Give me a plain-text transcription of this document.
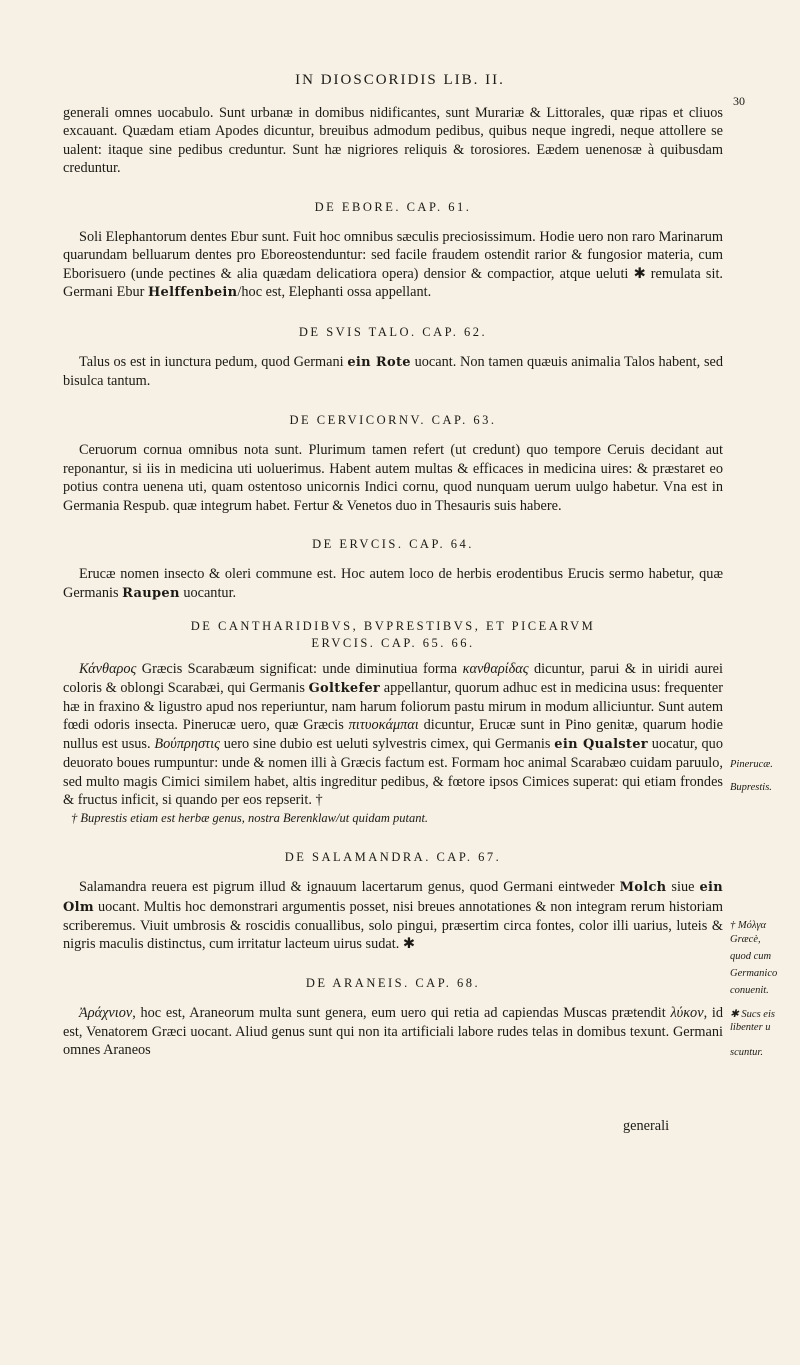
IN DIOSCORIDIS LIB. II.
30

generali omnes uocabulo. Sunt urbanæ in domibus nidificantes, sunt Murariæ & Littorales, quæ ripas et cliuos excauant. Quædam etiam Apodes dicuntur, breuibus admodum pedibus, quibus neque ingredi, neque attollere se ualent: itaque sine pedibus creduntur. Sunt hæ nigriores reliquis & torosiores. Eædem uenenosæ à quibusdam creduntur.

DE EBORE. CAP. 61.

Soli Elephantorum dentes Ebur sunt. Fuit hoc omnibus sæculis preciosissimum. Hodie uero non raro Marinarum quarundam belluarum dentes pro Eboreostenduntur: sed facile fraudem ostendit rarior & fungosior materia, cum Eborisuero (unde pectines & alia quædam delicatiora opera) densior & compactior, atque ueluti ✱ remulata sit. Germani Ebur Helffenbein/hoc est, Elephanti ossa appellant.

DE SVIS TALO. CAP. 62.

Talus os est in iunctura pedum, quod Germani ein Rote uocant. Non tamen quæuis animalia Talos habent, sed bisulca tantum.

DE CERVICORNV. CAP. 63.

Ceruorum cornua omnibus nota sunt. Plurimum tamen refert (ut credunt) quo tempore Ceruis decidant aut reponantur, si iis in medicina uti uoluerimus. Habent autem multas & efficaces in medicina uires: & præstaret eo potius contra uenena uti, quam ostentoso unicornis Indici cornu, quod nunquam uerum uulgo habetur. Vna est in Germania Respub. quæ integrum habet. Fertur & Venetos duo in Thesauris suis habere.

DE ERVCIS. CAP. 64.

Erucæ nomen insecto & oleri commune est. Hoc autem loco de herbis erodentibus Erucis sermo habetur, quæ Germanis Raupen uocantur.

DE CANTHARIDIBVS, BVPRESTIBVS, ET PICEARVM
ERVCIS. CAP. 65. 66.

Κάνθαρος Græcis Scarabæum significat: unde diminutiua forma κανθαρίδας dicuntur, parui & in uiridi aurei coloris & oblongi Scarabæi, qui Germanis Goltkefer appellantur, quorum adhuc est in medicina usus: frequenter hæ in fraxino & ligustro apud nos reperiuntur, nam harum foliorum pastu mirum in modum alliciuntur. Sunt autem fœdi odoris insecta. Pinerucæ uero, quæ Græcis πιτυοκάμπαι dicuntur, Erucæ sunt in Pino genitæ, quarum hodie nullus est usus. Βούπρηστις uero sine dubio est ueluti sylvestris cimex, qui Germanis ein Qualster uocatur, quo deuorato boues rumpuntur: unde & nomen illi à Græcis factum est. Formam hoc animal Scarabæo cuidam paruulo, sed multo magis Cimici similem habet, altis ingreditur pedibus, & fœtore ipsos Cimices superat: qui etiam frondes & fructus inficit, si quando per eos repserit. †

† Buprestis etiam est herbæ genus, nostra Berenklaw/ut quidam putant.

DE SALAMANDRA. CAP. 67.

Salamandra reuera est pigrum illud & ignauum lacertarum genus, quod Germani eintweder Molch siue ein Olm uocant. Multis hoc demonstrari argumentis posset, nisi breues annotationes & non integram rerum historiam scriberemus. Viuit umbrosis & roscidis conuallibus, solo pingui, præsertim circa fontes, color illi uarius, luteis & nigris maculis distinctus, cum irritatur lacteum uirus sudat. ✱

DE ARANEIS. CAP. 68.

Ἀράχνιον, hoc est, Araneorum multa sunt genera, eum uero qui retia ad capiendas Muscas prætendit λύκον, id est, Venatorem Græci uocant. Aliud genus sunt qui non ita artificiali labore rudes telas in domibus texunt. Germani omnes Araneos

generali
Pinerucæ.
Buprestis.
† Μόλγα
Græcè,
quod cum
Germanico
conuenit.
✱ Sucs eis
libenter u
scuntur.
